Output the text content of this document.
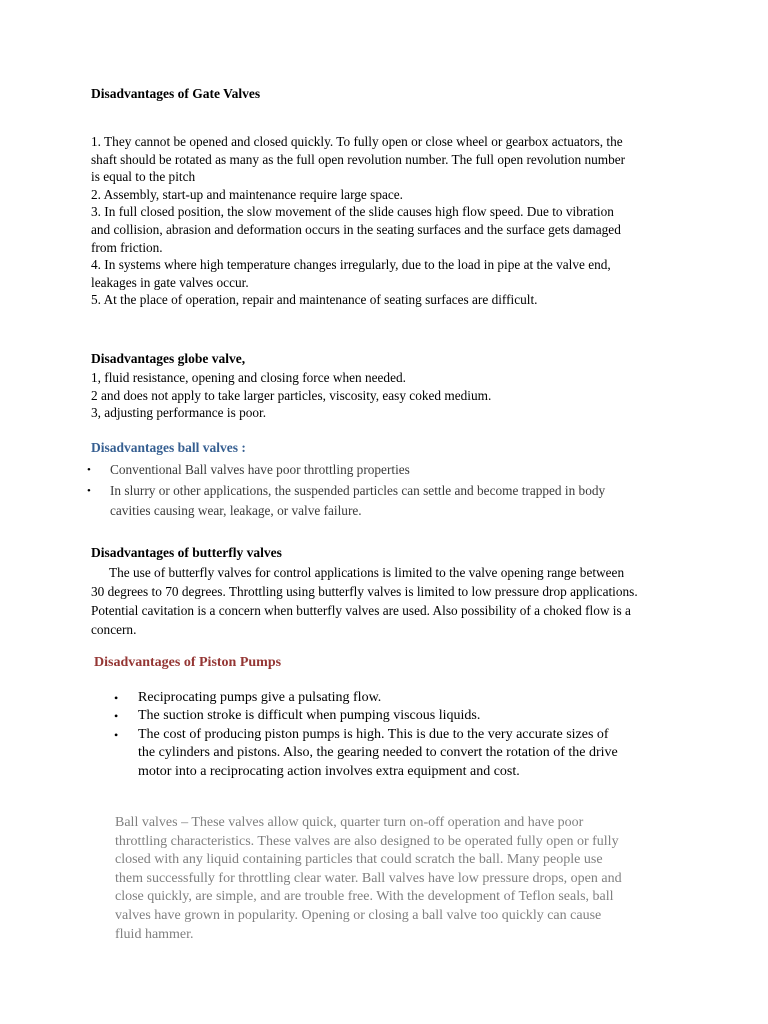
Disadvantages of Gate Valves

1. They cannot be opened and closed quickly. To fully open or close wheel or gearbox actuators, the

shaft should be rotated as many as the full open revolution number. The full open revolution number

is equal to the pitch

2. Assembly, start-up and maintenance require large space.

3. In full closed position, the slow movement of the slide causes high flow speed. Due to vibration

and collision, abrasion and deformation occurs in the seating surfaces and the surface gets damaged

from friction.

4. In systems where high temperature changes irregularly, due to the load in pipe at the valve end,

leakages in gate valves occur.

5. At the place of operation, repair and maintenance of seating surfaces are difficult.

Disadvantages globe valve,

1, fluid resistance, opening and closing force when needed.

2 and does not apply to take larger particles, viscosity, easy coked medium.

3, adjusting performance is poor.

Disadvantages ball valves :
• Conventional Ball valves have poor throttling properties
• In slurry or other applications, the suspended particles can settle and become trapped in body
cavities causing wear, leakage, or valve failure.
Disadvantages of butterfly valves

The use of butterfly valves for control applications is limited to the valve opening range between

30 degrees to 70 degrees. Throttling using butterfly valves is limited to low pressure drop applications.

Potential cavitation is a concern when butterfly valves are used. Also possibility of a choked flow is a

concern.

Disadvantages of Piston Pumps
• Reciprocating pumps give a pulsating flow.
• The suction stroke is difficult when pumping viscous liquids.
• The cost of producing piston pumps is high. This is due to the very accurate sizes of
the cylinders and pistons. Also, the gearing needed to convert the rotation of the drive
motor into a reciprocating action involves extra equipment and cost.

Ball valves – These valves allow quick, quarter turn on-off operation and have poor

throttling characteristics. These valves are also designed to be operated fully open or fully

closed with any liquid containing particles that could scratch the ball. Many people use

them successfully for throttling clear water. Ball valves have low pressure drops, open and

close quickly, are simple, and are trouble free. With the development of Teflon seals, ball

valves have grown in popularity. Opening or closing a ball valve too quickly can cause

fluid hammer.
